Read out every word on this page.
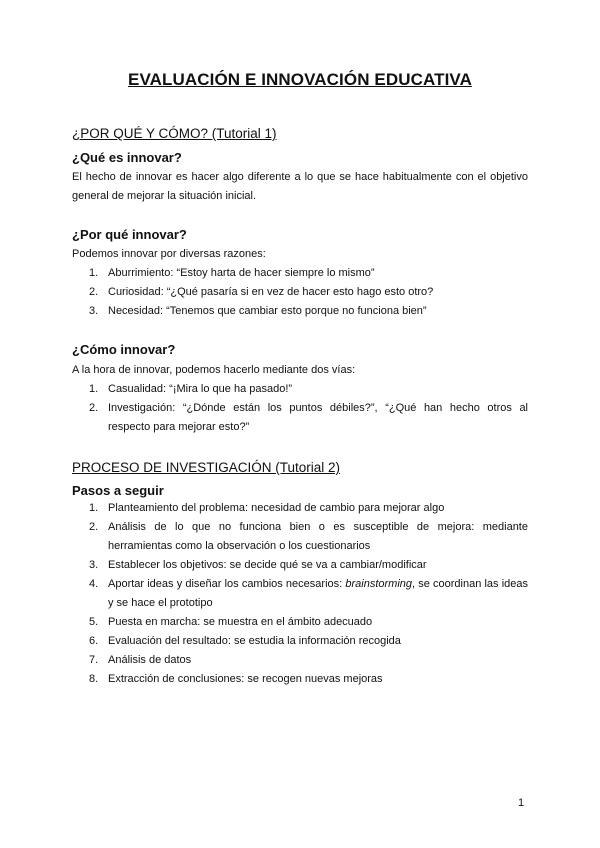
EVALUACIÓN E INNOVACIÓN EDUCATIVA
¿POR QUÉ Y CÓMO? (Tutorial 1)
¿Qué es innovar?
El hecho de innovar es hacer algo diferente a lo que se hace habitualmente con el objetivo general de mejorar la situación inicial.
¿Por qué innovar?
Podemos innovar por diversas razones:
1. Aburrimiento: “Estoy harta de hacer siempre lo mismo”
2. Curiosidad: “¿Qué pasaría si en vez de hacer esto hago esto otro?
3. Necesidad: “Tenemos que cambiar esto porque no funciona bien”
¿Cómo innovar?
A la hora de innovar, podemos hacerlo mediante dos vías:
1. Casualidad: “¡Mira lo que ha pasado!”
2. Investigación: “¿Dónde están los puntos débiles?”, “¿Qué han hecho otros al respecto para mejorar esto?”
PROCESO DE INVESTIGACIÓN (Tutorial 2)
Pasos a seguir
1. Planteamiento del problema: necesidad de cambio para mejorar algo
2. Análisis de lo que no funciona bien o es susceptible de mejora: mediante herramientas como la observación o los cuestionarios
3. Establecer los objetivos: se decide qué se va a cambiar/modificar
4. Aportar ideas y diseñar los cambios necesarios: brainstorming, se coordinan las ideas y se hace el prototipo
5. Puesta en marcha: se muestra en el ámbito adecuado
6. Evaluación del resultado: se estudia la información recogida
7. Análisis de datos
8. Extracción de conclusiones: se recogen nuevas mejoras
1
